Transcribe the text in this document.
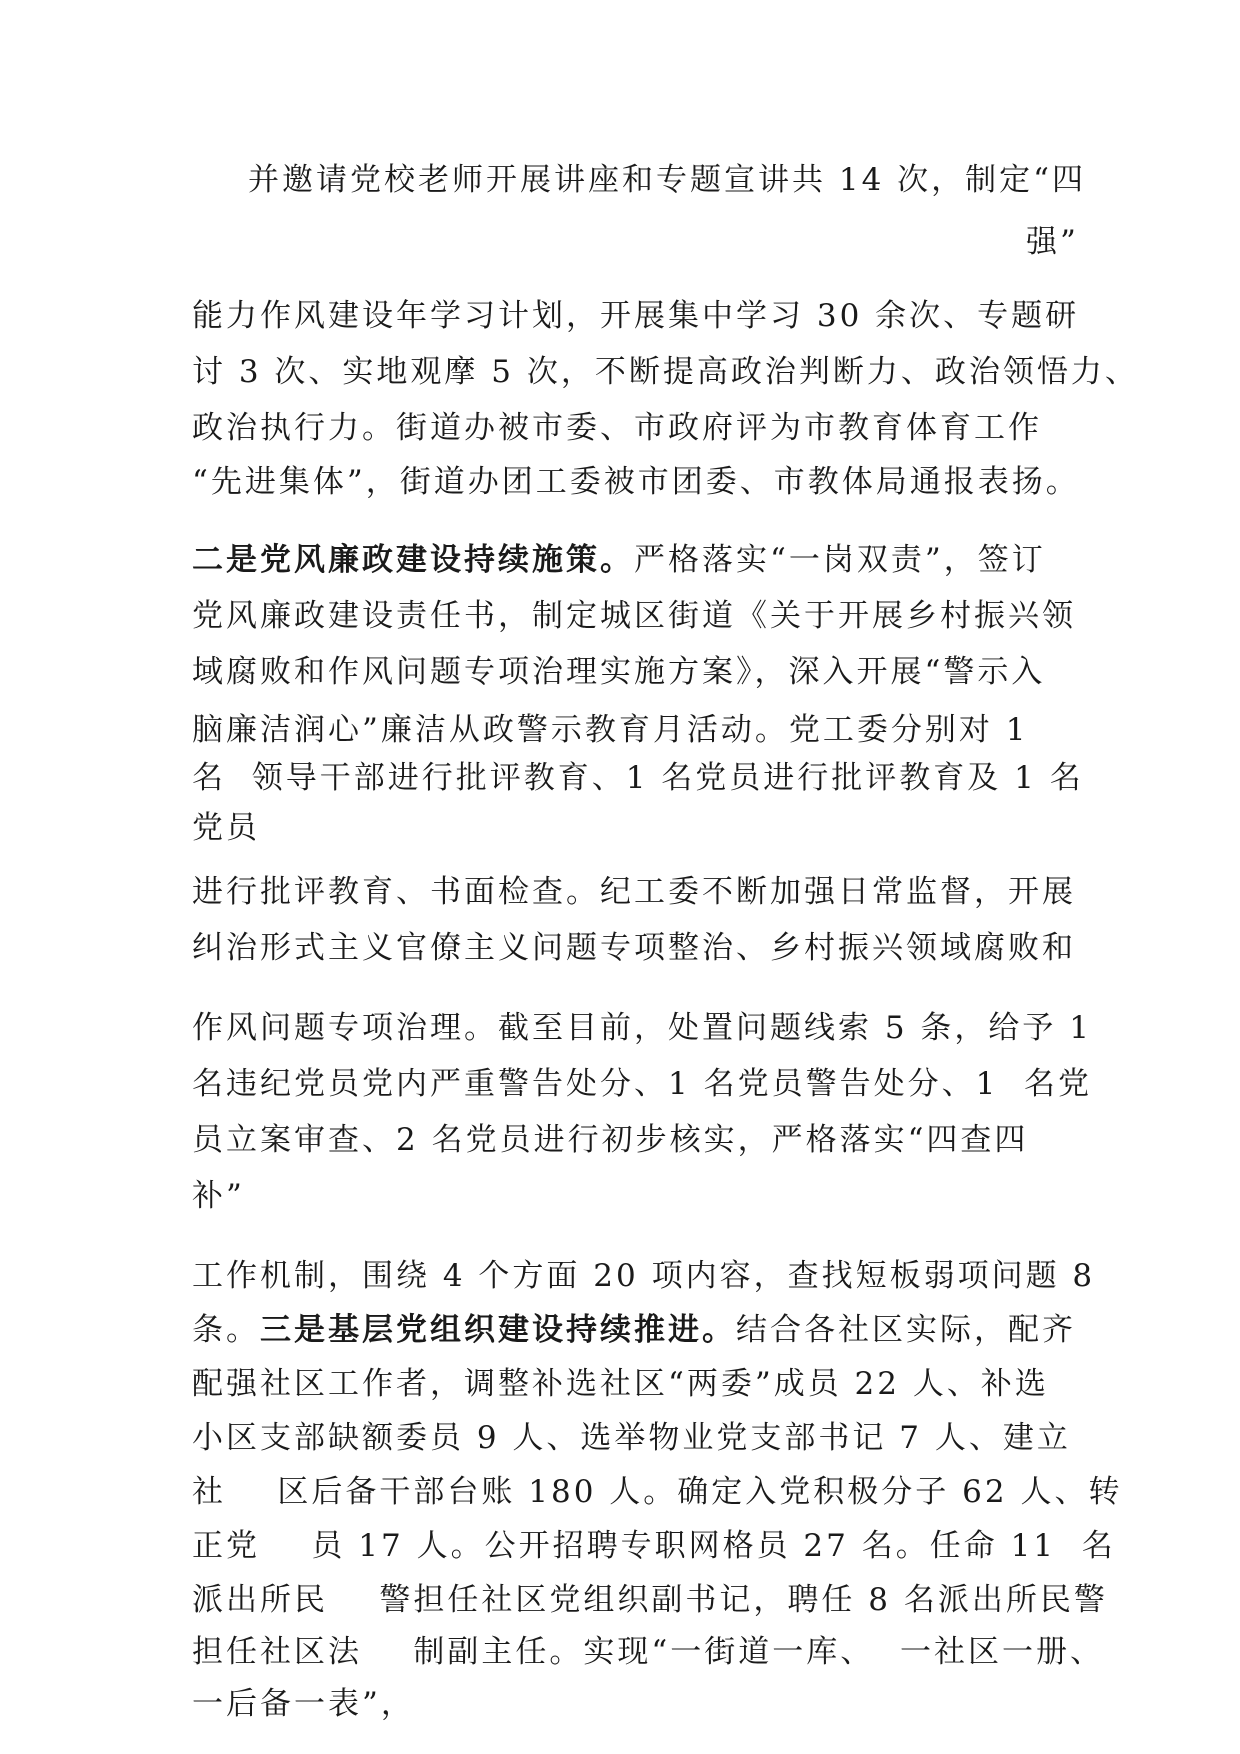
并邀请党校老师开展讲座和专题宣讲共 14 次，制定“四
强”
能力作风建设年学习计划，开展集中学习 30 余次、专题研
讨 3 次、实地观摩 5 次，不断提高政治判断力、政治领悟力、
政治执行力。街道办被市委、市政府评为市教育体育工作
“先进集体”，街道办团工委被市团委、市教体局通报表扬。
二是党风廉政建设持续施策。严格落实“一岗双责”，签订
党风廉政建设责任书，制定城区街道《关于开展乡村振兴领
域腐败和作风问题专项治理实施方案》，深入开展“警示入
脑廉洁润心”廉洁从政警示教育月活动。党工委分别对 1
名  领导干部进行批评教育、1 名党员进行批评教育及 1 名
党员
进行批评教育、书面检查。纪工委不断加强日常监督，开展
纠治形式主义官僚主义问题专项整治、乡村振兴领域腐败和
作风问题专项治理。截至目前，处置问题线索 5 条，给予 1
名违纪党员党内严重警告处分、1 名党员警告处分、1  名党
员立案审查、2 名党员进行初步核实，严格落实“四查四
补”
工作机制，围绕 4 个方面 20 项内容，查找短板弱项问题 8
条。三是基层党组织建设持续推进。结合各社区实际，配齐
配强社区工作者，调整补选社区“两委”成员 22 人、补选
小区支部缺额委员 9 人、选举物业党支部书记 7 人、建立
社    区后备干部台账 180 人。确定入党积极分子 62 人、转
正党    员 17 人。公开招聘专职网格员 27 名。任命 11  名
派出所民    警担任社区党组织副书记，聘任 8 名派出所民警
担任社区法    制副主任。实现“一街道一库、  一社区一册、
一后备一表”，
